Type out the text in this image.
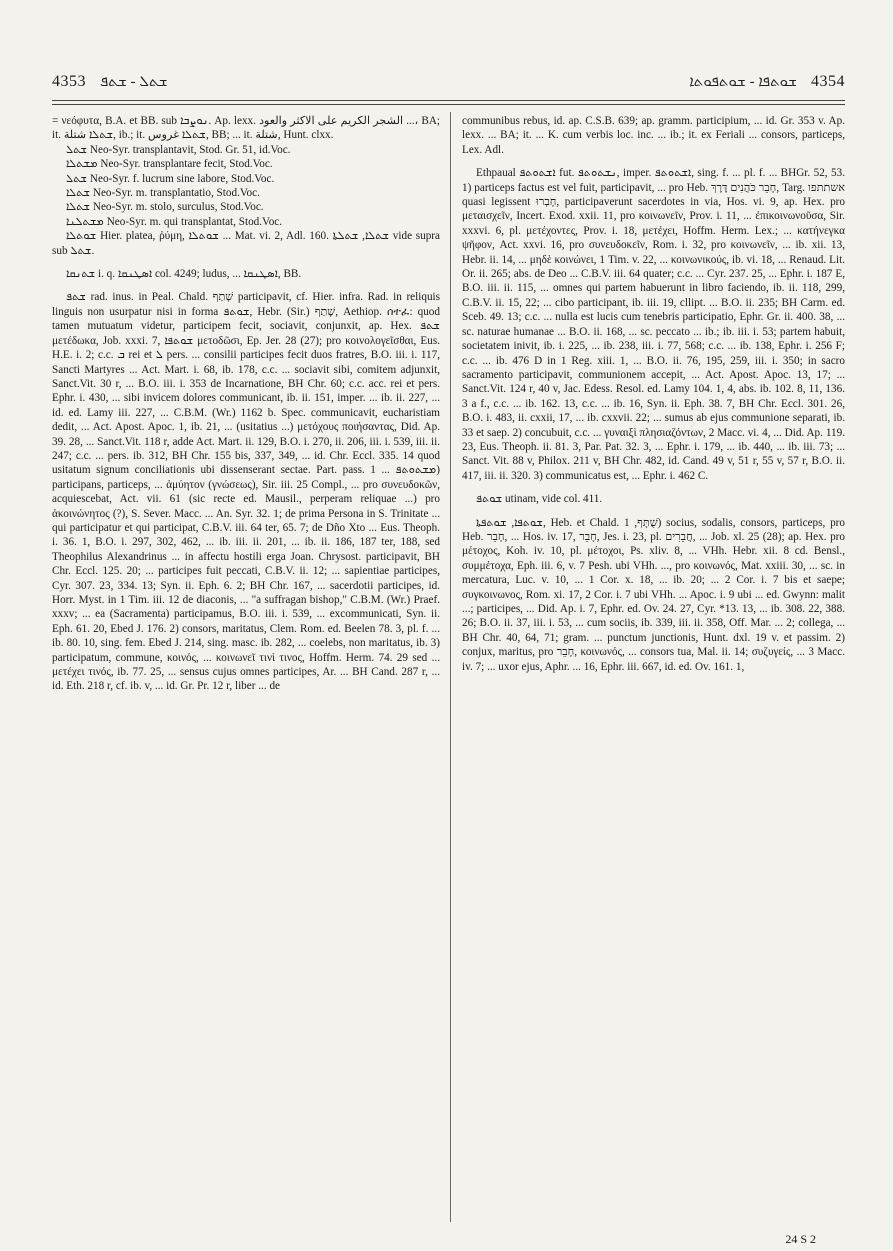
4353 ܫܬܠ - ܫܬܦ	ܫܘܬܦܐ - ܫܘܬܦܘܬܐ 4354

= νεόφυτα, B.A. et BB. sub ܢܘܨܒܐ. Ap. lexx. الشجر الكريم على الاكثر والعود ...، BA; it. ܫܬܠܐ شتلة, ib.; it. ܫܬܠܐ غروس, BB; ... it. شتلة, Hunt. clxx.

ܫܬܠ Neo-Syr. transplantavit, Stod. Gr. 51, id.Voc.

ܡܫܬܠܐ Neo-Syr. transplantare fecit, Stod.Voc.

ܫܬܠ Neo-Syr. f. lucrum sine labore, Stod.Voc.

ܫܬܠܐ Neo-Syr. m. transplantatio, Stod.Voc.

ܫܬܠܐ Neo-Syr. m. stolo, surculus, Stod.Voc.

ܡܫܬܠܢܐ Neo-Syr. m. qui transplantat, Stod.Voc.

ܫܘܬܠܐ Hier. platea, ῥύμη, ܫܘܬܠܐ ... Mat. vi. 2, Adl. 160. ܫܬܠܐ, ܫܬܠܬܐ vide supra sub ܫܬܠ.

ܫܬܢܩܐ i. q. ܐܣܛܢܩܐ col. 4249; ludus, ... ܐܣܛܢܩܐ, BB.

ܫܬܦ rad. inus. in Peal. Chald. שְׁתַף participavit, cf. Hier. infra. Rad. in reliquis linguis non usurpatur nisi in forma ܫܘܬܦ, Hebr. (Sir.) שָׁתַף, Aethiop. ሰተፈ: quod tamen mutuatum videtur, participem fecit, sociavit, conjunxit, ap. Hex. ܫܬܦ μετέδωκα, Job. xxxi. 7, ܫܘܬܦܐ μετοδῶσι, Ep. Jer. 28 (27); pro κοινολογεῖσθαι, Eus. H.E. i. 2; c.c. ܒ rei et ܠ pers. ... consilii participes fecit duos fratres, B.O. iii. i. 117, Sancti Martyres ... Act. Mart. i. 68, ib. 178, c.c. ... sociavit sibi, comitem adjunxit, Sanct.Vit. 30 r, ... B.O. iii. i. 353 de Incarnatione, BH Chr. 60; c.c. acc. rei et pers. Ephr. i. 430, ... sibi invicem dolores communicant, ib. ii. 151, imper. ... ib. ii. 227, ... id. ed. Lamy iii. 227, ... C.B.M. (Wr.) 1162 b. Spec. communicavit, eucharistiam dedit, ... Act. Apost. Apoc. 1, ib. 21, ... (usitatius ...) μετόχους ποιήσαντας, Did. Ap. 39. 28, ... Sanct.Vit. 118 r, adde Act. Mart. ii. 129, B.O. i. 270, ii. 206, iii. i. 539, iii. ii. 247; c.c. ... pers. ib. 312, BH Chr. 155 bis, 337, 349, ... id. Chr. Eccl. 335. 14 quod usitatum signum conciliationis ubi dissenserant sectae. Part. pass. ܡܫܬܘܬܦ ... 1) participans, particeps, ... ἀμύητον (γνώσεως), Sir. iii. 25 Compl., ... pro συνευδοκῶν, acquiescebat, Act. vii. 61 (sic recte ed. Mausil., perperam reliquae ...) pro ἀκοινώνητος (?), S. Sever. Macc. ... An. Syr. 32. 1; de prima Persona in S. Trinitate ... qui participatur et qui participat, C.B.V. iii. 64 ter, 65. 7; de Dño Xto ... Eus. Theoph. i. 36. 1, B.O. i. 297, 302, 462, ... ib. iii. ii. 201, ... ib. ii. 186, 187 ter, 188, sed Theophilus Alexandrinus ... in affectu hostili erga Joan. Chrysost. participavit, BH Chr. Eccl. 125. 20; ... participes fuit peccati, C.B.V. ii. 12; ... sapientiae participes, Cyr. 307. 23, 334. 13; Syn. ii. Eph. 6. 2; BH Chr. 167, ... sacerdotii participes, id. Horr. Myst. in 1 Tim. iii. 12 de diaconis, ... "a suffragan bishop," C.B.M. (Wr.) Praef. xxxv; ... ea (Sacramenta) participamus, B.O. iii. i. 539, ... excommunicati, Syn. ii. Eph. 61. 20, Ebed J. 176. 2) consors, maritatus, Clem. Rom. ed. Beelen 78. 3, pl. f. ... ib. 80. 10, sing. fem. Ebed J. 214, sing. masc. ib. 282, ... coelebs, non maritatus, ib. 3) participatum, commune, κοινός, ... κοινωνεῖ τινὶ τινος, Hoffm. Herm. 74. 29 sed ... μετέχει τινός, ib. 77. 25, ... sensus cujus omnes participes, Ar. ... BH Cand. 287 r, ... id. Eth. 218 r, cf. ib. v, ... id. Gr. Pr. 12 r, liber ... de

communibus rebus, id. ap. C.S.B. 639; ap. gramm. participium, ... id. Gr. 353 v. Ap. lexx. ... BA; it. ... K. cum verbis loc. inc. ... ib.; it. ex Feriali ... consors, particeps, Lex. Adl.

Ethpaual ܐܫܬܘܬܦ fut. ܢܫܬܘܬܦ, imper. ܐܫܬܘܬܦ, sing. f. ... pl. f. ... BHGr. 52, 53. 1) particeps factus est vel fuit, participavit, ... pro Heb. חָבֵר כֹּהֲנִים דֶּרֶךְ, Targ. אשתתפו quasi legissent חָבְרוּ, participaverunt sacerdotes in via, Hos. vi. 9, ap. Hex. pro μεταισχεῖν, Incert. Exod. xxii. 11, pro κοινωνεῖν, Prov. i. 11, ... ἐπικοινωνοῦσα, Sir. xxxvi. 6, pl. μετέχοντες, Prov. i. 18, μετέχει, Hoffm. Herm. Lex.; ... κατήνεγκα ψῆφον, Act. xxvi. 16, pro συνευδοκεῖν, Rom. i. 32, pro κοινωνεῖν, ... ib. xii. 13, Hebr. ii. 14, ... μηδὲ κοινώνει, 1 Tim. v. 22, ... κοινωνικούς, ib. vi. 18, ... Renaud. Lit. Or. ii. 265; abs. de Deo ... C.B.V. iii. 64 quater; c.c. ... Cyr. 237. 25, ... Ephr. i. 187 E, B.O. iii. ii. 115, ... omnes qui partem habuerunt in libro faciendo, ib. ii. 118, 299, C.B.V. ii. 15, 22; ... cibo participant, ib. iii. 19, cllipt. ... B.O. ii. 235; BH Carm. ed. Sceb. 49. 13; c.c. ... nulla est lucis cum tenebris participatio, Ephr. Gr. ii. 400. 38, ... sc. naturae humanae ... B.O. ii. 168, ... sc. peccato ... ib.; ib. iii. i. 53; partem habuit, societatem inivit, ib. i. 225, ... ib. 238, iii. i. 77, 568; c.c. ... ib. 138, Ephr. i. 256 F; c.c. ... ib. 476 D in 1 Reg. xiii. 1, ... B.O. ii. 76, 195, 259, iii. i. 350; in sacro sacramento participavit, communionem accepit, ... Act. Apost. Apoc. 13, 17; ... Sanct.Vit. 124 r, 40 v, Jac. Edess. Resol. ed. Lamy 104. 1, 4, abs. ib. 102. 8, 11, 136. 3 a f., c.c. ... ib. 162. 13, c.c. ... ib. 16, Syn. ii. Eph. 38. 7, BH Chr. Eccl. 301. 26, B.O. i. 483, ii. cxxii, 17, ... ib. cxxvii. 22; ... sumus ab ejus communione separati, ib. 33 et saep. 2) concubuit, c.c. ... γυναιξὶ πλησιαζόντων, 2 Macc. vi. 4, ... Did. Ap. 119. 23, Eus. Theoph. ii. 81. 3, Par. Pat. 32. 3, ... Ephr. i. 179, ... ib. 440, ... ib. iii. 73; ... Sanct. Vit. 88 v, Philox. 211 v, BH Chr. 482, id. Cand. 49 v, 51 r, 55 v, 57 r, B.O. ii. 417, iii. ii. 320. 3) communicatus est, ... Ephr. i. 462 C.

ܫܘܬܦ utinam, vide col. 411.

ܫܘܬܦܐ, ܫܘܬܦܬܐ, Heb. et Chald. שֻׁתָּף, 1) socius, sodalis, consors, particeps, pro Heb. חָבֵר, ... Hos. iv. 17, חָבֵר, Jes. i. 23, pl. חֲבֵרִים, ... Job. xl. 25 (28); ap. Hex. pro μέτοχος, Koh. iv. 10, pl. μέτοχοι, Ps. xliv. 8, ... VHh. Hebr. xii. 8 cd. Bensl., συμμέτοχα, Eph. iii. 6, v. 7 Pesh. ubi VHh. ..., pro κοινωνός, Mat. xxiii. 30, ... sc. in mercatura, Luc. v. 10, ... 1 Cor. x. 18, ... ib. 20; ... 2 Cor. i. 7 bis et saepe; συγκοινωνος, Rom. xi. 17, 2 Cor. i. 7 ubi VHh. ... Apoc. i. 9 ubi ... ed. Gwynn: malit ...; participes, ... Did. Ap. i. 7, Ephr. ed. Ov. 24. 27, Cyr. *13. 13, ... ib. 308. 22, 388. 26; B.O. ii. 37, iii. i. 53, ... cum sociis, ib. 339, iii. ii. 358, Off. Mar. ... 2; collega, ... BH Chr. 40, 64, 71; gram. ... punctum junctionis, Hunt. dxl. 19 v. et passim. 2) conjux, maritus, pro חָבֵר, κοινωνός, ... consors tua, Mal. ii. 14; συζυγείς, ... 3 Macc. iv. 7; ... uxor ejus, Aphr. ... 16, Ephr. iii. 667, id. ed. Ov. 161. 1,

24 S 2
